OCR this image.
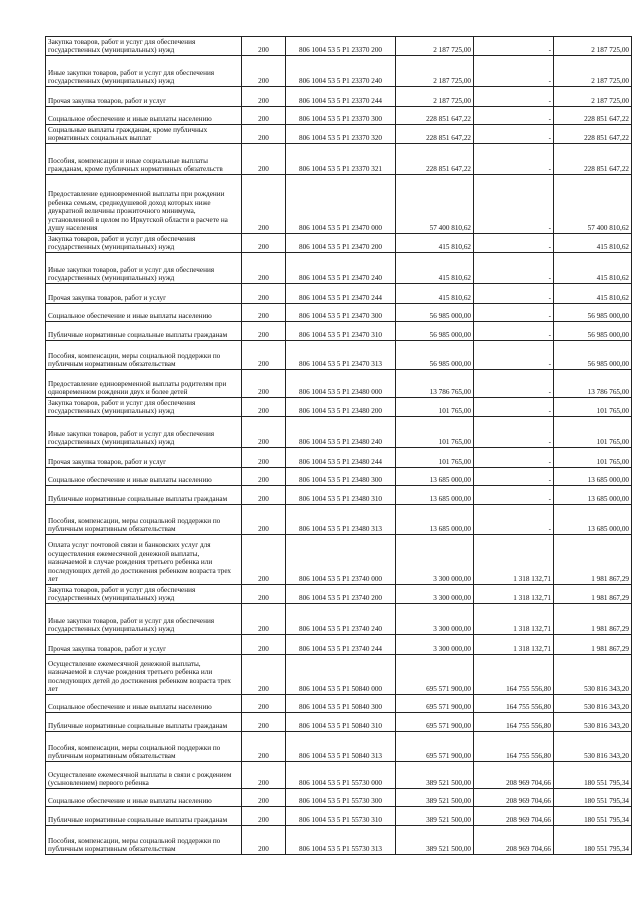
Закупка товаров, работ и услуг для обеспечения государственных (муниципальных) нужд	200	806 1004 53 5 Р1 23370 200	2 187 725,00	-	2 187 725,00
Иные закупки товаров, работ и услуг для обеспечения государственных (муниципальных) нужд	200	806 1004 53 5 Р1 23370 240	2 187 725,00	-	2 187 725,00
Прочая закупка товаров, работ и услуг	200	806 1004 53 5 Р1 23370 244	2 187 725,00	-	2 187 725,00
Социальное обеспечение и иные выплаты населению	200	806 1004 53 5 Р1 23370 300	228 851 647,22	-	228 851 647,22
Социальные выплаты гражданам, кроме публичных нормативных социальных выплат	200	806 1004 53 5 Р1 23370 320	228 851 647,22	-	228 851 647,22
Пособия, компенсации и иные социальные выплаты гражданам, кроме публичных нормативных обязательств	200	806 1004 53 5 Р1 23370 321	228 851 647,22	-	228 851 647,22
Предоставление единовременной выплаты при рождении ребенка семьям, среднедушевой доход которых ниже двукратной величины прожиточного минимума, установленной в целом по Иркутской области в расчете на душу населения	200	806 1004 53 5 Р1 23470 000	57 400 810,62	-	57 400 810,62
Закупка товаров, работ и услуг для обеспечения государственных (муниципальных) нужд	200	806 1004 53 5 Р1 23470 200	415 810,62	-	415 810,62
Иные закупки товаров, работ и услуг для обеспечения государственных (муниципальных) нужд	200	806 1004 53 5 Р1 23470 240	415 810,62	-	415 810,62
Прочая закупка товаров, работ и услуг	200	806 1004 53 5 Р1 23470 244	415 810,62	-	415 810,62
Социальное обеспечение и иные выплаты населению	200	806 1004 53 5 Р1 23470 300	56 985 000,00	-	56 985 000,00
Публичные нормативные социальные выплаты гражданам	200	806 1004 53 5 Р1 23470 310	56 985 000,00	-	56 985 000,00
Пособия, компенсации, меры социальной поддержки по публичным нормативным обязательствам	200	806 1004 53 5 Р1 23470 313	56 985 000,00	-	56 985 000,00
Предоставление единовременной выплаты родителям при одновременном рождении двух и более детей	200	806 1004 53 5 Р1 23480 000	13 786 765,00	-	13 786 765,00
Закупка товаров, работ и услуг для обеспечения государственных (муниципальных) нужд	200	806 1004 53 5 Р1 23480 200	101 765,00	-	101 765,00
Иные закупки товаров, работ и услуг для обеспечения государственных (муниципальных) нужд	200	806 1004 53 5 Р1 23480 240	101 765,00	-	101 765,00
Прочая закупка товаров, работ и услуг	200	806 1004 53 5 Р1 23480 244	101 765,00	-	101 765,00
Социальное обеспечение и иные выплаты населению	200	806 1004 53 5 Р1 23480 300	13 685 000,00	-	13 685 000,00
Публичные нормативные социальные выплаты гражданам	200	806 1004 53 5 Р1 23480 310	13 685 000,00	-	13 685 000,00
Пособия, компенсации, меры социальной поддержки по публичным нормативным обязательствам	200	806 1004 53 5 Р1 23480 313	13 685 000,00	-	13 685 000,00
Оплата услуг почтовой связи и банковских услуг для осуществления ежемесячной денежной выплаты, назначаемой в случае рождения третьего ребенка или последующих детей до достижения ребенком возраста трех лет	200	806 1004 53 5 Р1 23740 000	3 300 000,00	1 318 132,71	1 981 867,29
Закупка товаров, работ и услуг для обеспечения государственных (муниципальных) нужд	200	806 1004 53 5 Р1 23740 200	3 300 000,00	1 318 132,71	1 981 867,29
Иные закупки товаров, работ и услуг для обеспечения государственных (муниципальных) нужд	200	806 1004 53 5 Р1 23740 240	3 300 000,00	1 318 132,71	1 981 867,29
Прочая закупка товаров, работ и услуг	200	806 1004 53 5 Р1 23740 244	3 300 000,00	1 318 132,71	1 981 867,29
Осуществление ежемесячной денежной выплаты, назначаемой в случае рождения третьего ребенка или последующих детей до достижения ребенком возраста трех лет	200	806 1004 53 5 Р1 50840 000	695 571 900,00	164 755 556,80	530 816 343,20
Социальное обеспечение и иные выплаты населению	200	806 1004 53 5 Р1 50840 300	695 571 900,00	164 755 556,80	530 816 343,20
Публичные нормативные социальные выплаты гражданам	200	806 1004 53 5 Р1 50840 310	695 571 900,00	164 755 556,80	530 816 343,20
Пособия, компенсации, меры социальной поддержки по публичным нормативным обязательствам	200	806 1004 53 5 Р1 50840 313	695 571 900,00	164 755 556,80	530 816 343,20
Осуществление ежемесячной выплаты в связи с рождением (усыновлением) первого ребенка	200	806 1004 53 5 Р1 55730 000	389 521 500,00	208 969 704,66	180 551 795,34
Социальное обеспечение и иные выплаты населению	200	806 1004 53 5 Р1 55730 300	389 521 500,00	208 969 704,66	180 551 795,34
Публичные нормативные социальные выплаты гражданам	200	806 1004 53 5 Р1 55730 310	389 521 500,00	208 969 704,66	180 551 795,34
Пособия, компенсации, меры социальной поддержки по публичным нормативным обязательствам	200	806 1004 53 5 Р1 55730 313	389 521 500,00	208 969 704,66	180 551 795,34
